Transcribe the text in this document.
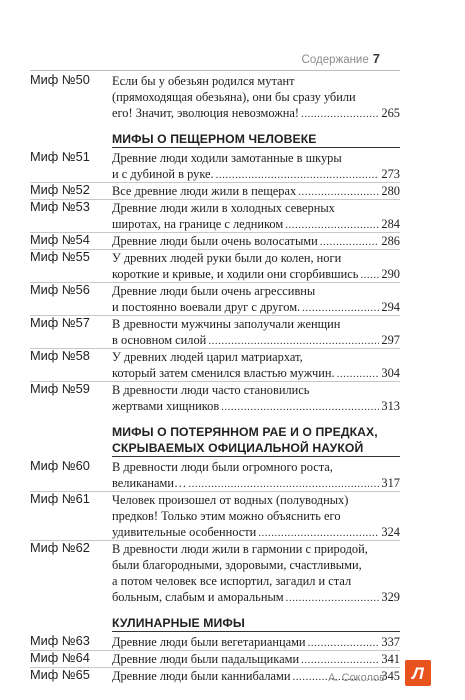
Содержание 7
Миф №50 Если бы у обезьян родился мутант
(прямоходящая обезьяна), они бы сразу убили
его! Значит, эволюция невозможна! .....	265
МИФЫ О ПЕЩЕРНОМ ЧЕЛОВЕКЕ
Миф №51 Древние люди ходили замотанные в шкуры
и с дубиной в руке. .....	273
Миф №52 Все древние люди жили в пещерах .....	280
Миф №53 Древние люди жили в холодных северных
широтах, на границе с ледником .....	284
Миф №54 Древние люди были очень волосатыми .....	286
Миф №55 У древних людей руки были до колен, ноги
короткие и кривые, и ходили они сгорбившись ..... 290
Миф №56 Древние люди были очень агрессивны
и постоянно воевали друг с другом. .....	294
Миф №57 В древности мужчины заполучали женщин
в основном силой .....	297
Миф №58 У древних людей царил матриархат,
который затем сменился властью мужчин. .....	304
Миф №59 В древности люди часто становились
жертвами хищников .....	313
МИФЫ О ПОТЕРЯННОМ РАЕ И О ПРЕДКАХ,
СКРЫВАЕМЫХ ОФИЦИАЛЬНОЙ НАУКОЙ
Миф №60 В древности люди были огромного роста,
великанами… .....	317
Миф №61 Человек произошел от водных (полуводных)
предков! Только этим можно объяснить его
удивительные особенности .....	324
Миф №62 В древности люди жили в гармонии с природой,
были благородными, здоровыми, счастливыми,
а потом человек все испортил, загадил и стал
больным, слабым и аморальным .....	329
КУЛИНАРНЫЕ МИФЫ
Миф №63 Древние люди были вегетарианцами .....	337
Миф №64 Древние люди были падальщиками .....	341
Миф №65 Древние люди были каннибалами .....	345
А. Соколов	Л
